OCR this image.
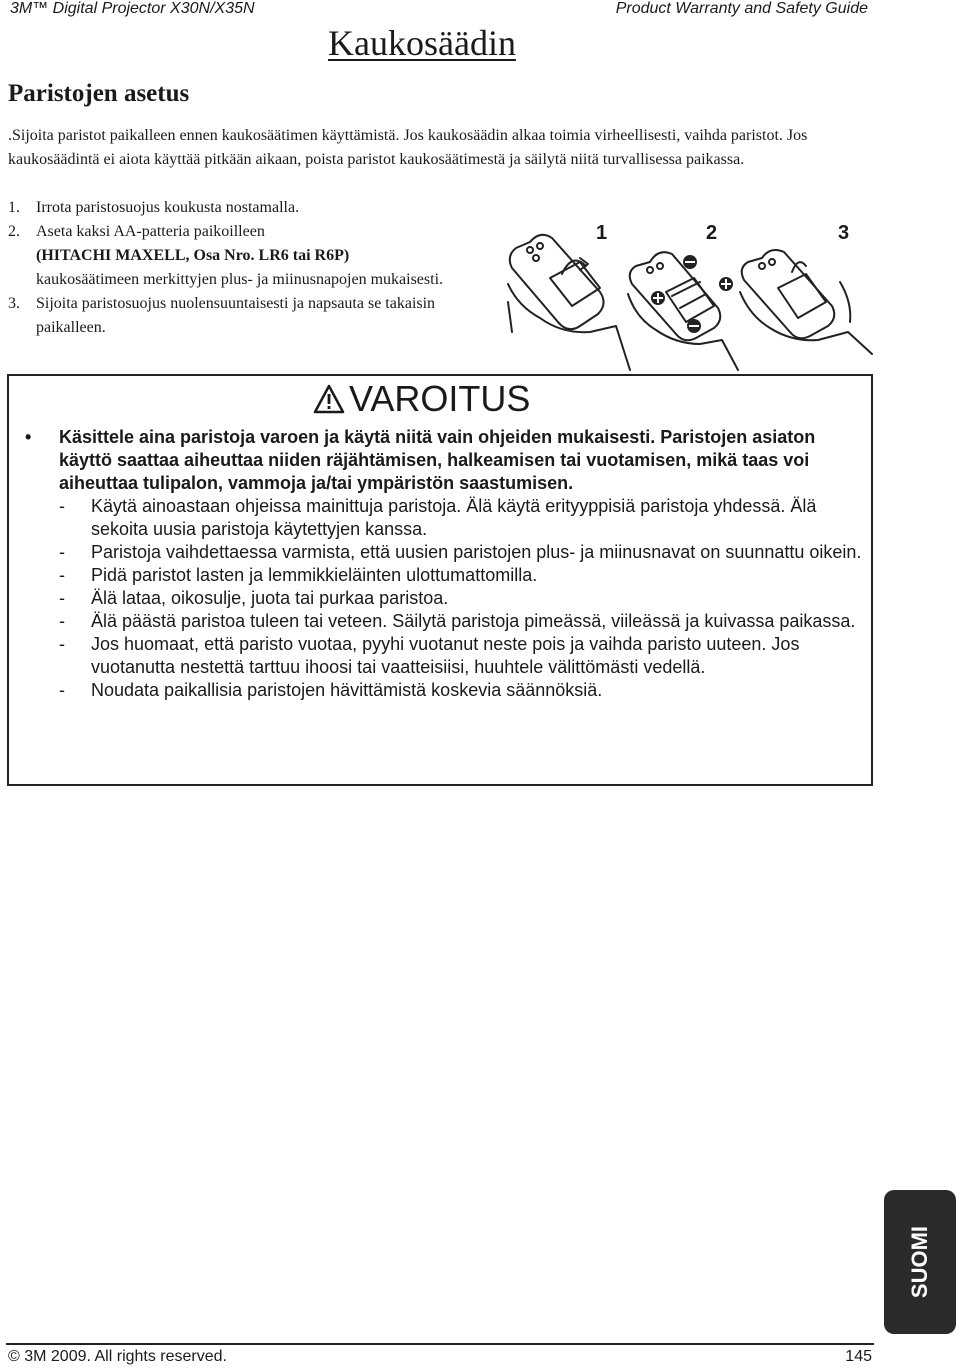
3M™ Digital Projector X30N/X35N	Product Warranty and Safety Guide
Kaukosäädin
Paristojen asetus

.Sijoita paristot paikalleen ennen kaukosäätimen käyttämistä. Jos kaukosäädin alkaa toimia virheellisesti, vaihda paristot. Jos kaukosäädintä ei aiota käyttää pitkään aikaan, poista paristot kaukosäätimestä ja säilytä niitä turvallisessa paikassa.

1.	Irrota paristosuojus koukusta nostamalla.
2.	Aseta kaksi AA-patteria paikoilleen
(HITACHI MAXELL, Osa Nro. LR6 tai R6P)
kaukosäätimeen merkittyjen plus- ja miinusnapojen mukaisesti.
3.	Sijoita paristosuojus nuolensuuntaisesti ja napsauta se takaisin paikalleen.
1	2	3
VAROITUS
•	Käsittele aina paristoja varoen ja käytä niitä vain ohjeiden mukaisesti. Paristojen asiaton käyttö saattaa aiheuttaa niiden räjähtämisen, halkeamisen tai vuotamisen, mikä taas voi aiheuttaa tulipalon, vammoja ja/tai ympäristön saastumisen.
-	Käytä ainoastaan ohjeissa mainittuja paristoja. Älä käytä erityyppisiä paristoja yhdessä. Älä sekoita uusia paristoja käytettyjen kanssa.
-	Paristoja vaihdettaessa varmista, että uusien paristojen plus- ja miinusnavat on suunnattu oikein.
-	Pidä paristot lasten ja lemmikkieläinten ulottumattomilla.
-	Älä lataa, oikosulje, juota tai purkaa paristoa.
-	Älä päästä paristoa tuleen tai veteen. Säilytä paristoja pimeässä, viileässä ja kuivassa paikassa.
-	Jos huomaat, että paristo vuotaa, pyyhi vuotanut neste pois ja vaihda paristo uuteen. Jos vuotanutta nestettä tarttuu ihoosi tai vaatteisiisi, huuhtele välittömästi vedellä.
-	Noudata paikallisia paristojen hävittämistä koskevia säännöksiä.
SUOMI
© 3M 2009. All rights reserved.	145
